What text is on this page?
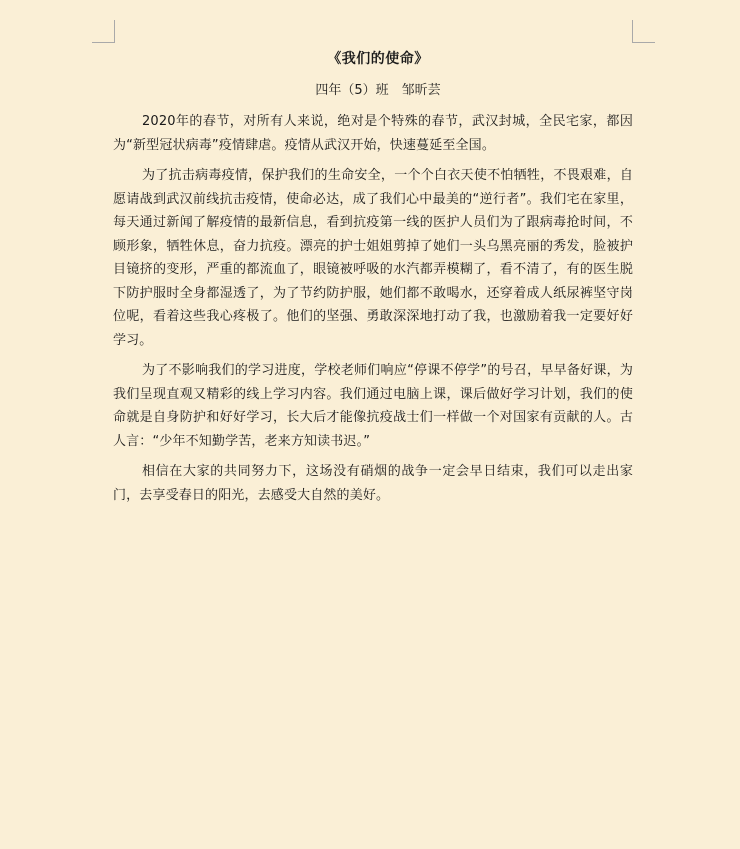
《我们的使命》
四年（5）班　邹昕芸

2020年的春节，对所有人来说，绝对是个特殊的春节，武汉封城，全民宅家，都因为“新型冠状病毒”疫情肆虐。疫情从武汉开始，快速蔓延至全国。

为了抗击病毒疫情，保护我们的生命安全，一个个白衣天使不怕牺牲，不畏艰难，自愿请战到武汉前线抗击疫情，使命必达，成了我们心中最美的“逆行者”。我们宅在家里，每天通过新闻了解疫情的最新信息，看到抗疫第一线的医护人员们为了跟病毒抢时间，不顾形象，牺牲休息，奋力抗疫。漂亮的护士姐姐剪掉了她们一头乌黑亮丽的秀发，脸被护目镜挤的变形，严重的都流血了，眼镜被呼吸的水汽都弄模糊了，看不清了，有的医生脱下防护服时全身都湿透了，为了节约防护服，她们都不敢喝水，还穿着成人纸尿裤坚守岗位呢，看着这些我心疼极了。他们的坚强、勇敢深深地打动了我，也激励着我一定要好好学习。

为了不影响我们的学习进度，学校老师们响应“停课不停学”的号召，早早备好课，为我们呈现直观又精彩的线上学习内容。我们通过电脑上课，课后做好学习计划，我们的使命就是自身防护和好好学习，长大后才能像抗疫战士们一样做一个对国家有贡献的人。古人言：“少年不知勤学苦，老来方知读书迟。”

相信在大家的共同努力下，这场没有硝烟的战争一定会早日结束，我们可以走出家门，去享受春日的阳光，去感受大自然的美好。
